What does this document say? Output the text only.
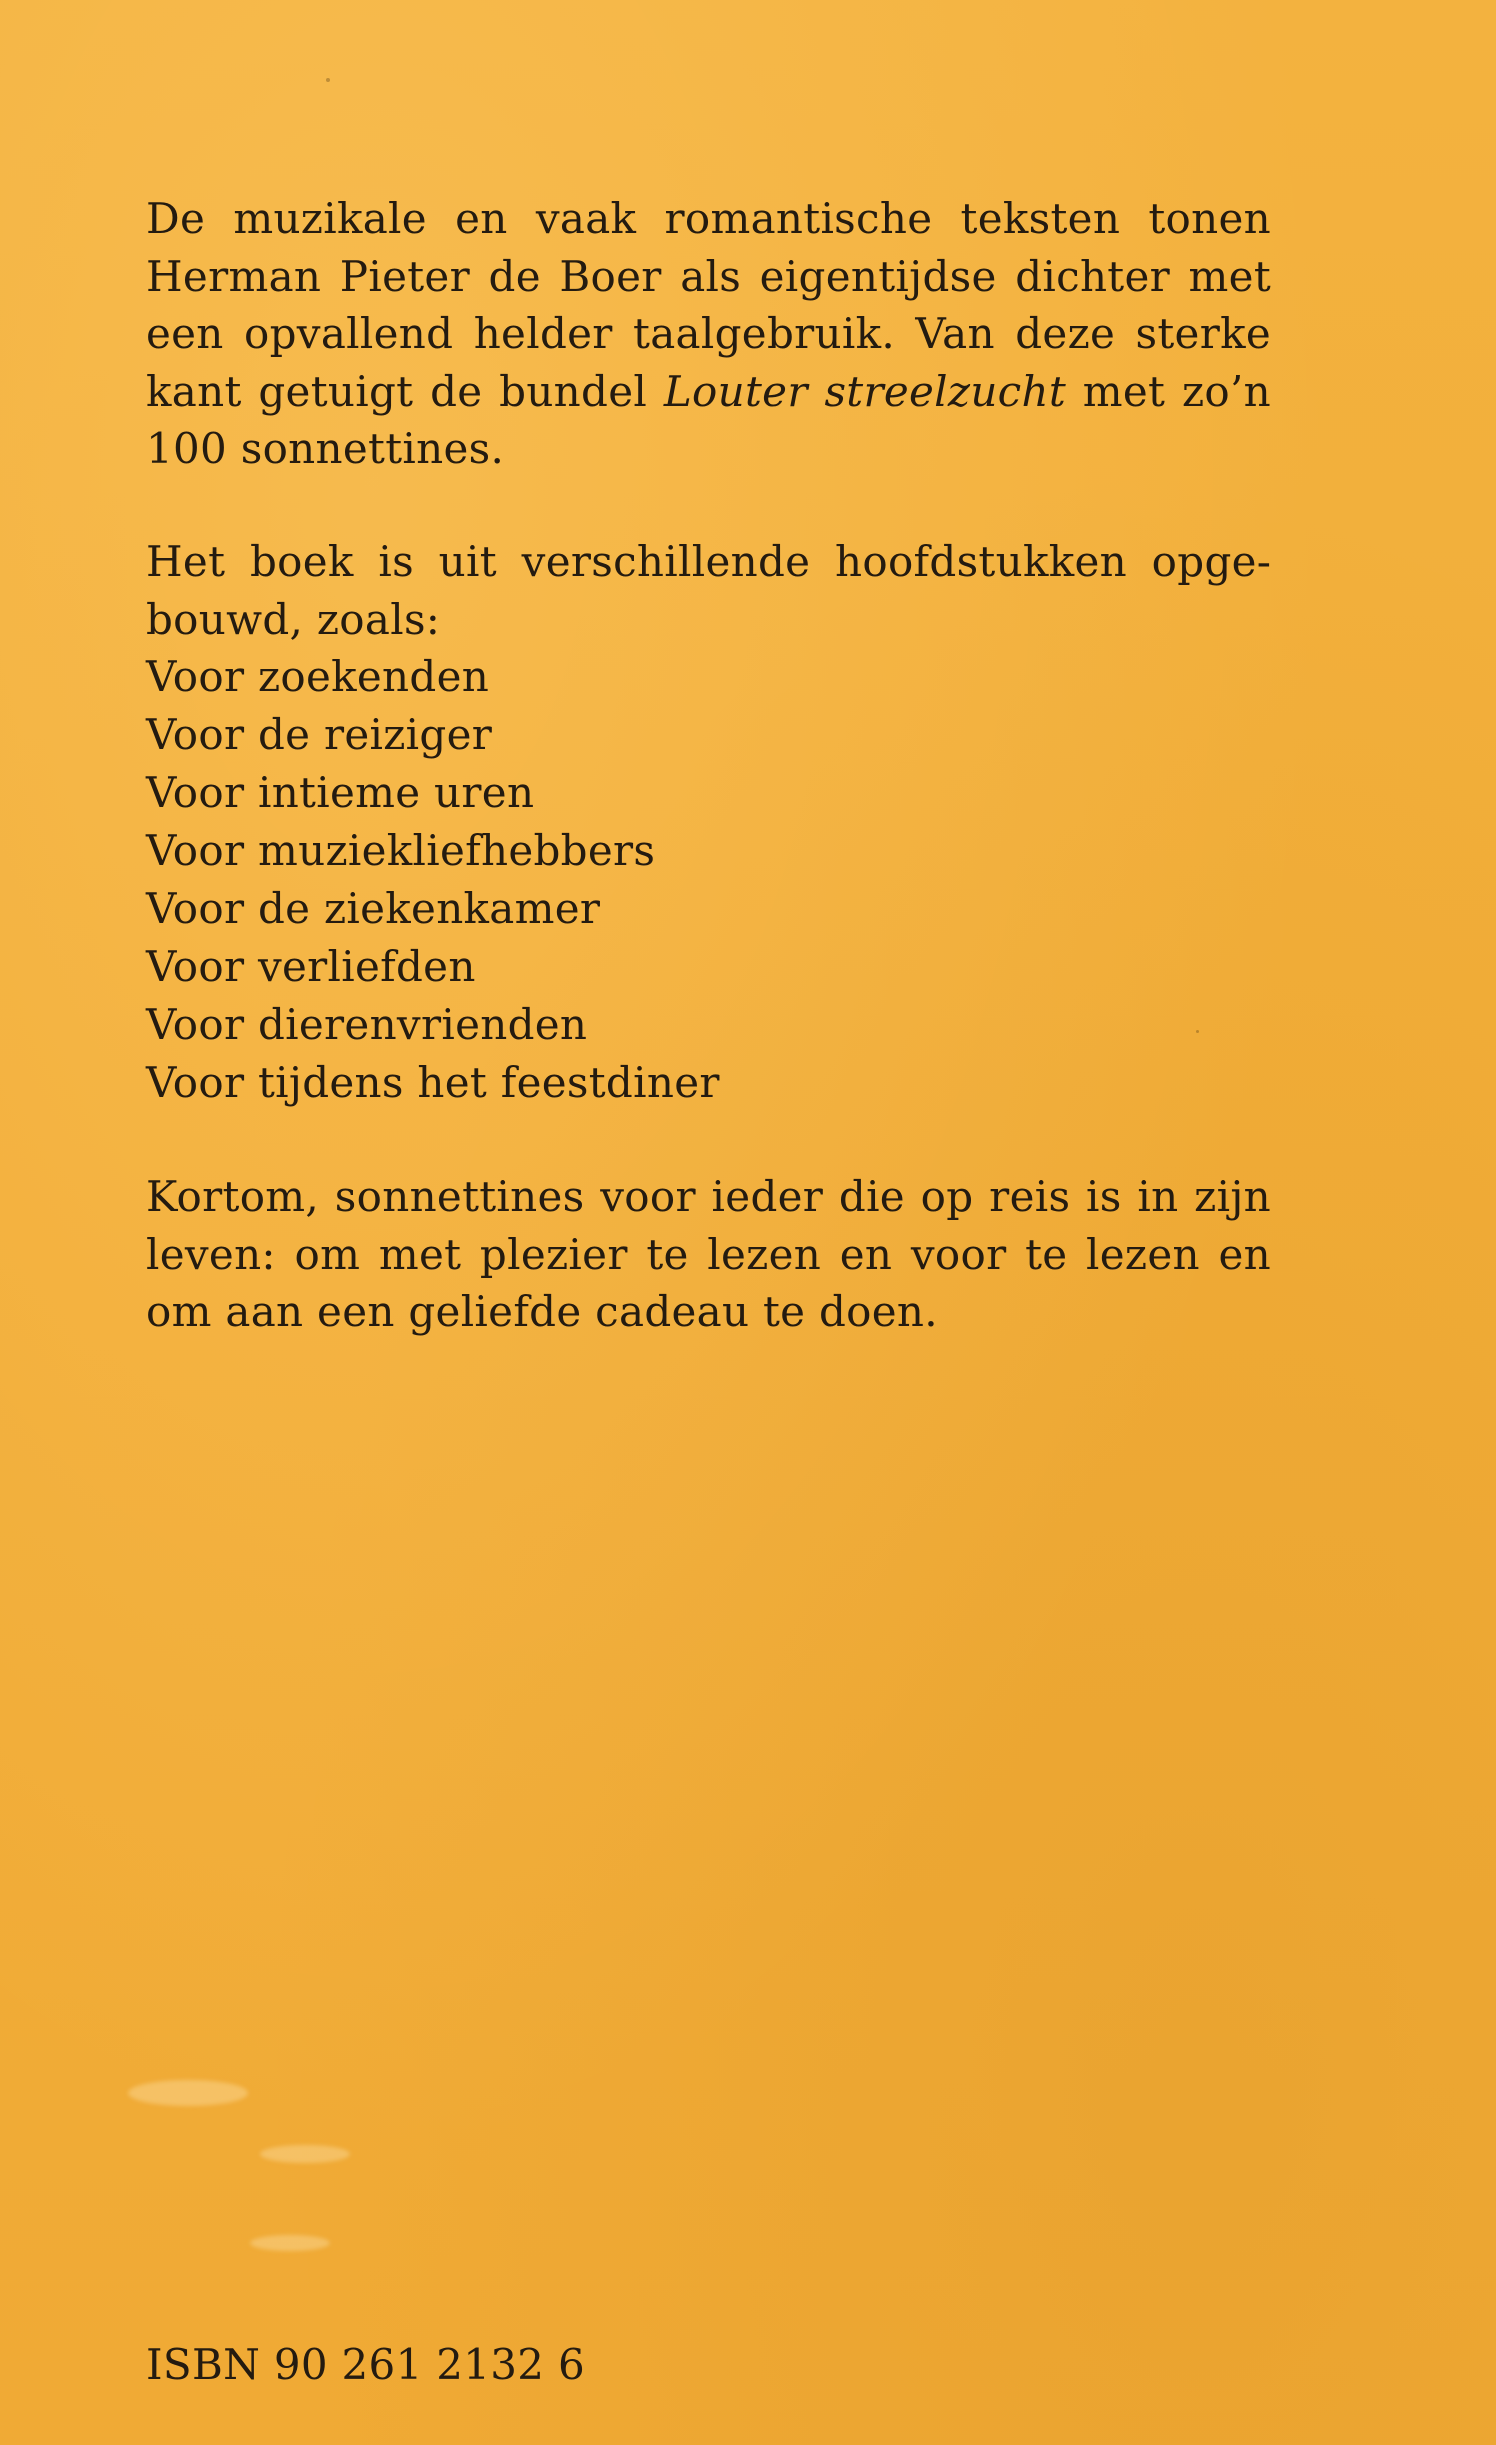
De muzikale en vaak romantische teksten tonen Herman Pieter de Boer als eigentijdse dichter met een opvallend helder taalgebruik. Van deze sterke kant getuigt de bundel Louter streelzucht met zo’n 100 sonnettines.

Het boek is uit verschillende hoofdstukken opgebouwd, zoals:

Voor zoekenden
Voor de reiziger
Voor intieme uren
Voor muziekliefhebbers
Voor de ziekenkamer
Voor verliefden
Voor dierenvrienden
Voor tijdens het feestdiner

Kortom, sonnettines voor ieder die op reis is in zijn leven: om met plezier te lezen en voor te lezen en om aan een geliefde cadeau te doen.

ISBN 90 261 2132 6
